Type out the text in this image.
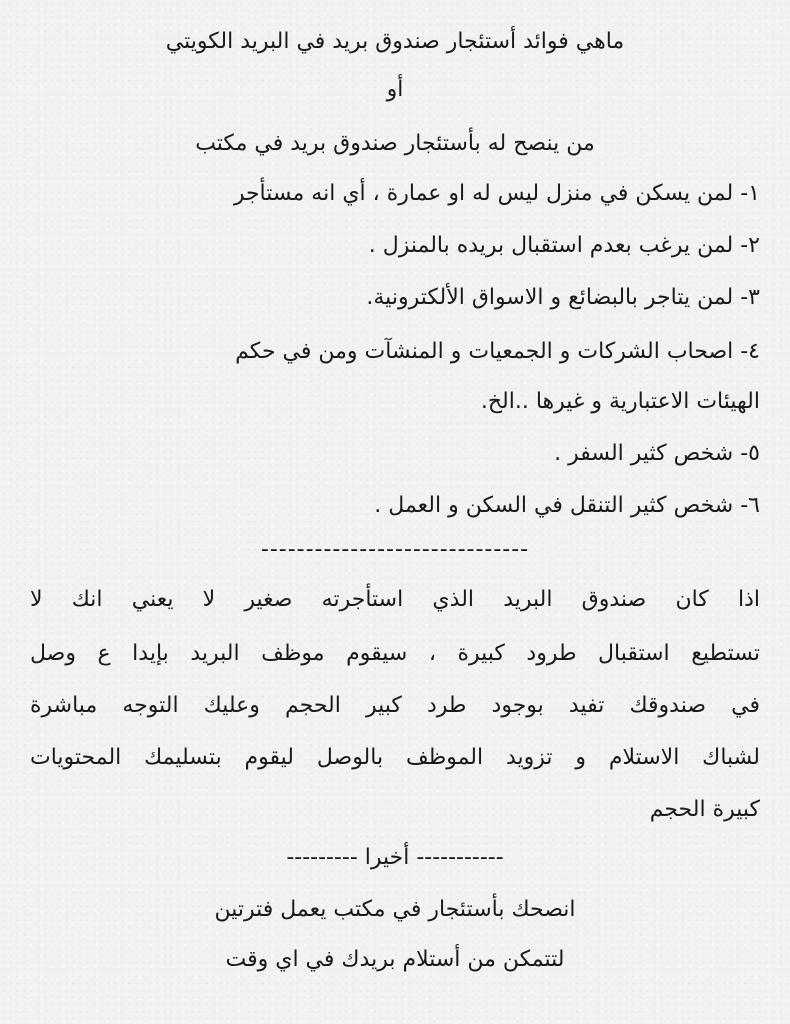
ماهي فوائد أستئجار صندوق بريد في البريد الكويتي
أو
من ينصح له بأستئجار صندوق بريد في مكتب
١- لمن يسكن في منزل ليس له او عمارة ، أي انه مستأجر
٢- لمن يرغب بعدم استقبال بريده بالمنزل .
٣- لمن يتاجر بالبضائع و الاسواق الألكترونية.
٤- اصحاب الشركات و الجمعيات و المنشآت ومن في حكم
الهيئات الاعتبارية و غيرها ..الخ.
٥- شخص كثير السفر .
٦- شخص كثير التنقل في السكن و العمل .
------------------------------
اذا كان صندوق البريد الذي استأجرته صغير لا يعني انك لا
تستطيع استقبال طرود كبيرة ، سيقوم موظف البريد بإيدا ع وصل
في صندوقك تفيد بوجود طرد كبير الحجم وعليك التوجه مباشرة
لشباك الاستلام و تزويد الموظف بالوصل ليقوم بتسليمك المحتويات
كبيرة الحجم
----------- أخيرا ---------
انصحك بأستئجار في مكتب يعمل فترتين
لتتمكن من أستلام بريدك في اي وقت
